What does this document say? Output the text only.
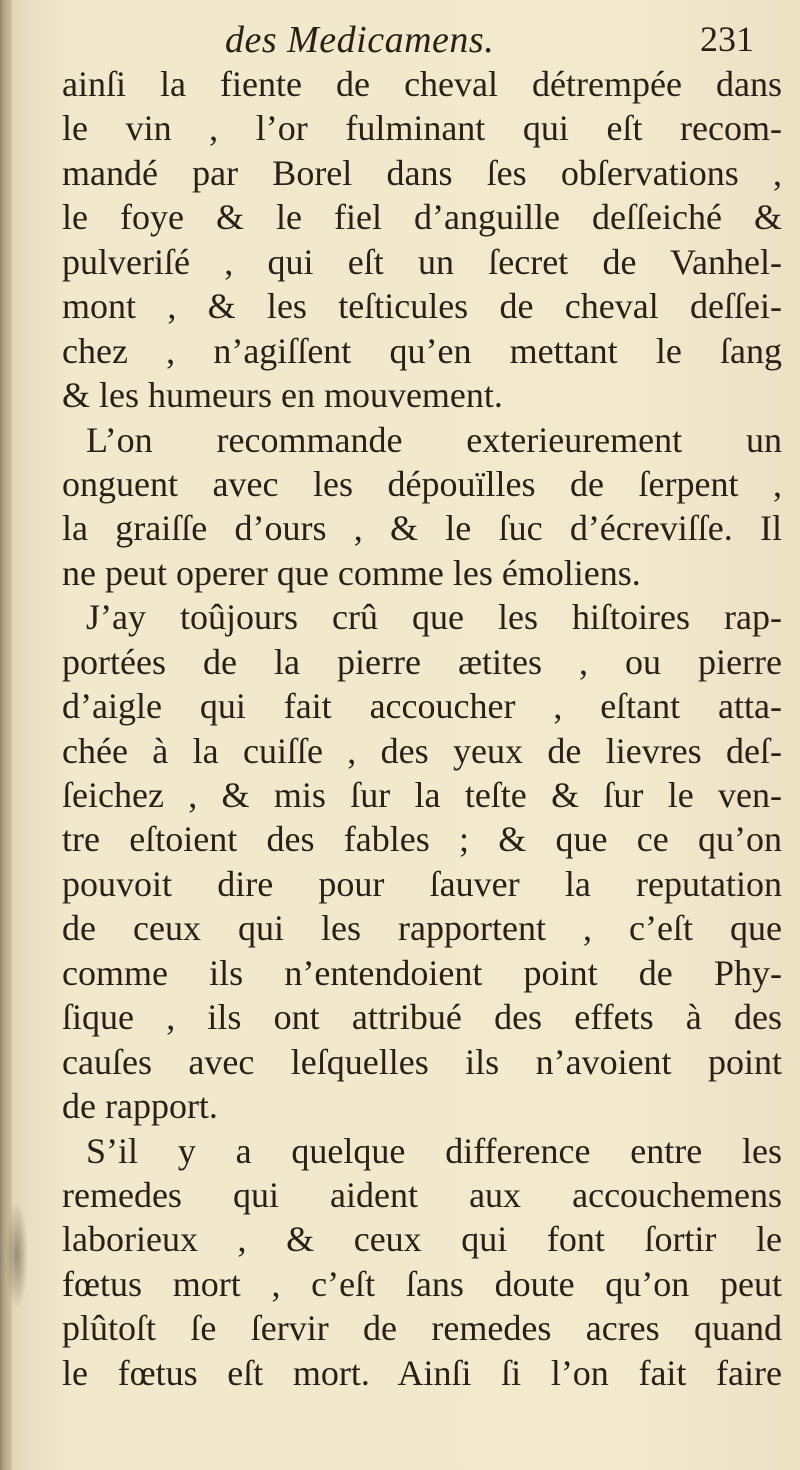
des Medicamens.	231
ainſi la fiente de cheval détrempée dans
le vin , l’or fulminant qui eſt recom-
mandé par Borel dans ſes obſervations ,
le foye & le fiel d’anguille deſſeiché &
pulveriſé , qui eſt un ſecret de Vanhel-
mont , & les teſticules de cheval deſſei-
chez , n’agiſſent qu’en mettant le ſang
& les humeurs en mouvement.
L’on recommande exterieurement un
onguent avec les dépouïlles de ſerpent ,
la graiſſe d’ours , & le ſuc d’écreviſſe. Il
ne peut operer que comme les émoliens.
J’ay toûjours crû que les hiſtoires rap-
portées de la pierre ætites , ou pierre
d’aigle qui fait accoucher , eſtant atta-
chée à la cuiſſe , des yeux de lievres deſ-
ſeichez , & mis ſur la teſte & ſur le ven-
tre eſtoient des fables ; & que ce qu’on
pouvoit dire pour ſauver la reputation
de ceux qui les rapportent , c’eſt que
comme ils n’entendoient point de Phy-
ſique , ils ont attribué des effets à des
cauſes avec leſquelles ils n’avoient point
de rapport.
S’il y a quelque difference entre les
remedes qui aident aux accouchemens
laborieux , & ceux qui font ſortir le
fœtus mort , c’eſt ſans doute qu’on peut
plûtoſt ſe ſervir de remedes acres quand
le fœtus eſt mort. Ainſi ſi l’on fait faire
